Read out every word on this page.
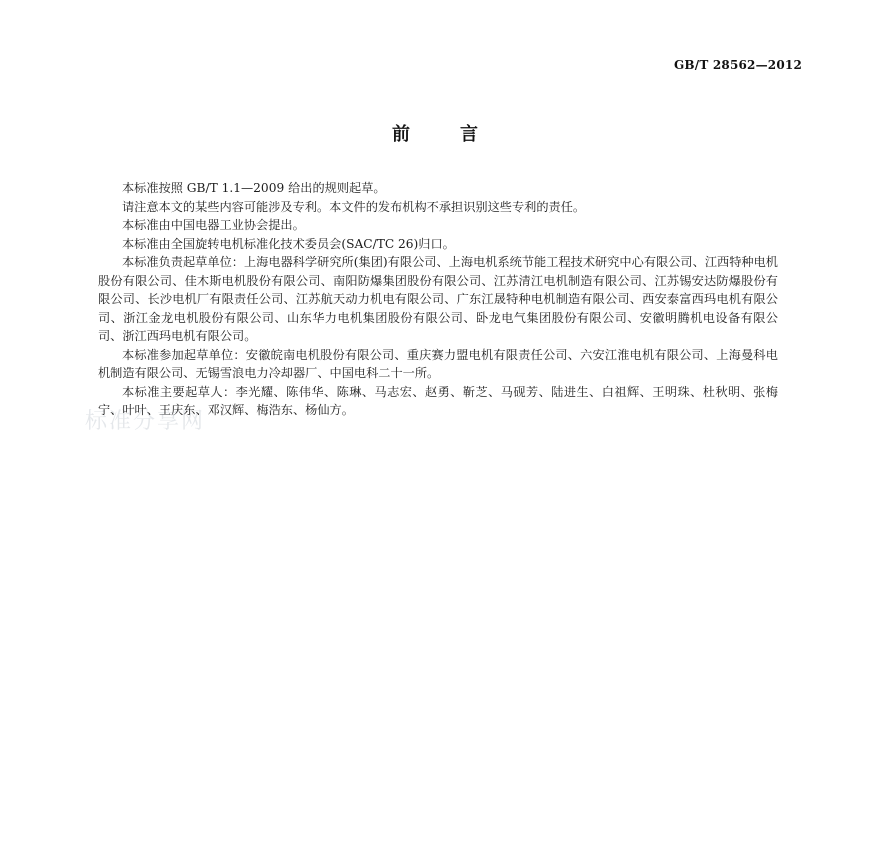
GB/T 28562—2012
前	言
标准分享网

本标准按照 GB/T 1.1—2009 给出的规则起草。

请注意本文的某些内容可能涉及专利。本文件的发布机构不承担识别这些专利的责任。

本标准由中国电器工业协会提出。

本标准由全国旋转电机标准化技术委员会(SAC/TC 26)归口。

本标准负责起草单位：上海电器科学研究所(集团)有限公司、上海电机系统节能工程技术研究中心有限公司、江西特种电机股份有限公司、佳木斯电机股份有限公司、南阳防爆集团股份有限公司、江苏清江电机制造有限公司、江苏锡安达防爆股份有限公司、长沙电机厂有限责任公司、江苏航天动力机电有限公司、广东江晟特种电机制造有限公司、西安泰富西玛电机有限公司、浙江金龙电机股份有限公司、山东华力电机集团股份有限公司、卧龙电气集团股份有限公司、安徽明腾机电设备有限公司、浙江西玛电机有限公司。

本标准参加起草单位：安徽皖南电机股份有限公司、重庆赛力盟电机有限责任公司、六安江淮电机有限公司、上海曼科电机制造有限公司、无锡雪浪电力冷却器厂、中国电科二十一所。

本标准主要起草人：李光耀、陈伟华、陈琳、马志宏、赵勇、靳芝、马砚芳、陆进生、白祖辉、王明珠、杜秋明、张梅宁、叶叶、王庆东、邓汉辉、梅浩东、杨仙方。
